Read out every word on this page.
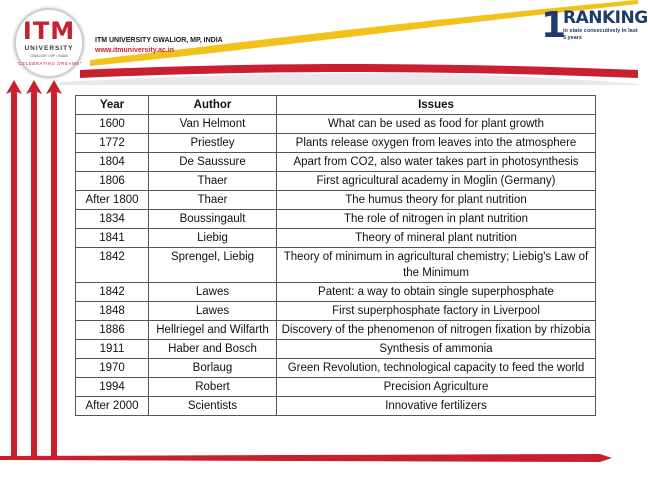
ITM
UNIVERSITY
GWALIOR • MP • INDIA
"CELEBRATING DREAMS"
ITM UNIVERSITY GWALIOR, MP, INDIA
www.itmuniversity.ac.in
1
RANKING
in state consecutively in last
5 years
Year	Author	Issues
1600	Van Helmont	What can be used as food for plant growth
1772	Priestley	Plants release oxygen from leaves into the atmosphere
1804	De Saussure	Apart from CO2, also water takes part in photosynthesis
1806	Thaer	First agricultural academy in Moglin (Germany)
After 1800	Thaer	The humus theory for plant nutrition
1834	Boussingault	The role of nitrogen in plant nutrition
1841	Liebig	Theory of mineral plant nutrition
1842	Sprengel, Liebig	Theory of minimum in agricultural chemistry; Liebig's Law of the Minimum
1842	Lawes	Patent: a way to obtain single superphosphate
1848	Lawes	First superphosphate factory in Liverpool
1886	Hellriegel and Wilfarth	Discovery of the phenomenon of nitrogen fixation by rhizobia
1911	Haber and Bosch	Synthesis of ammonia
1970	Borlaug	Green Revolution, technological capacity to feed the world
1994	Robert	Precision Agriculture
After 2000	Scientists	Innovative fertilizers
